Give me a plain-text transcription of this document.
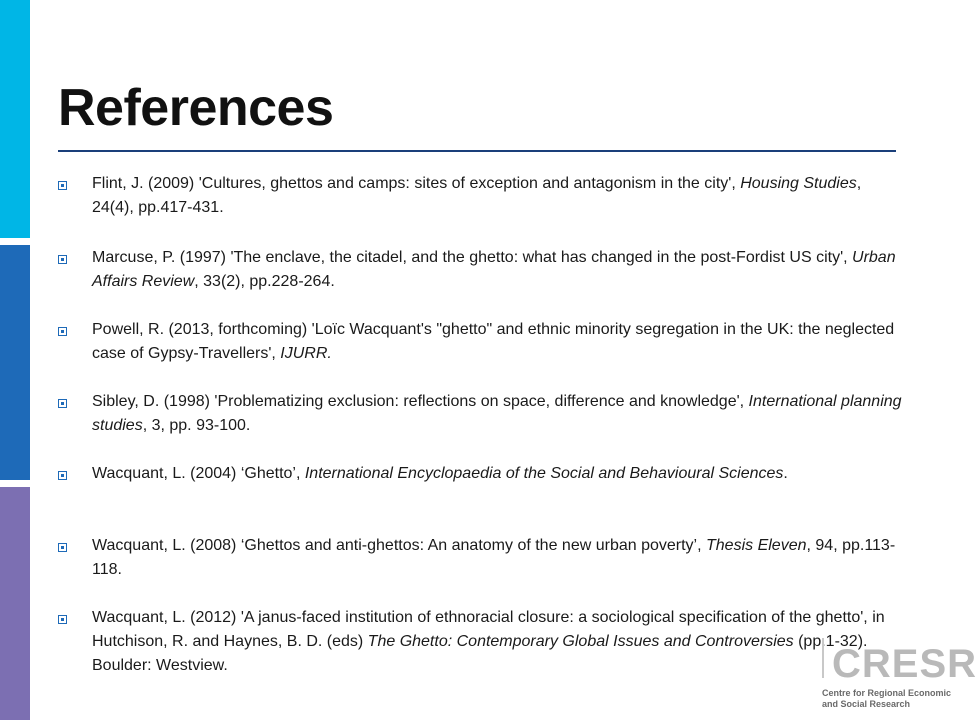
References
Flint, J. (2009) 'Cultures, ghettos and camps: sites of exception and antagonism in the city', Housing Studies, 24(4), pp.417-431.
Marcuse, P. (1997) 'The enclave, the citadel, and the ghetto: what has changed in the post-Fordist US city', Urban Affairs Review, 33(2), pp.228-264.
Powell, R. (2013, forthcoming) 'Loïc Wacquant's "ghetto" and ethnic minority segregation in the UK: the neglected case of Gypsy-Travellers', IJURR.
Sibley, D. (1998) 'Problematizing exclusion: reflections on space, difference and knowledge', International planning studies, 3, pp. 93-100.
Wacquant, L. (2004) ‘Ghetto’, International Encyclopaedia of the Social and Behavioural Sciences.
Wacquant, L. (2008) ‘Ghettos and anti-ghettos: An anatomy of the new urban poverty’, Thesis Eleven, 94, pp.113-118.
Wacquant, L. (2012) 'A janus-faced institution of ethnoracial closure: a sociological specification of the ghetto', in Hutchison, R. and Haynes, B. D. (eds) The Ghetto: Contemporary Global Issues and Controversies (pp.1-32). Boulder: Westview.	CRESR
Centre for Regional Economic and Social Research
